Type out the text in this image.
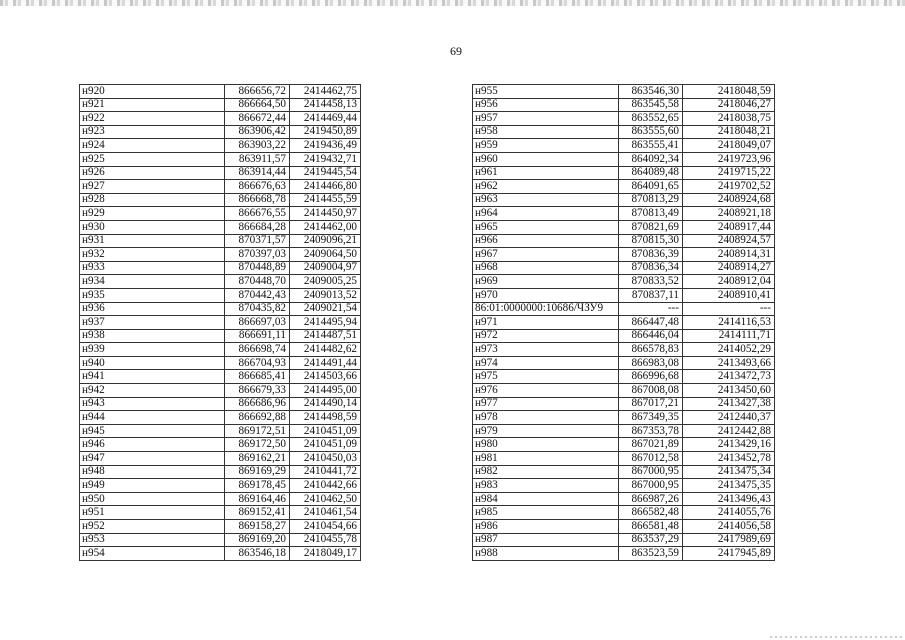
69
н920	866656,72	2414462,75
н921	866664,50	2414458,13
н922	866672,44	2414469,44
н923	863906,42	2419450,89
н924	863903,22	2419436,49
н925	863911,57	2419432,71
н926	863914,44	2419445,54
н927	866676,63	2414466,80
н928	866668,78	2414455,59
н929	866676,55	2414450,97
н930	866684,28	2414462,00
н931	870371,57	2409096,21
н932	870397,03	2409064,50
н933	870448,89	2409004,97
н934	870448,70	2409005,25
н935	870442,43	2409013,52
н936	870435,82	2409021,54
н937	866697,03	2414495,94
н938	866691,11	2414487,51
н939	866698,74	2414482,62
н940	866704,93	2414491,44
н941	866685,41	2414503,66
н942	866679,33	2414495,00
н943	866686,96	2414490,14
н944	866692,88	2414498,59
н945	869172,51	2410451,09
н946	869172,50	2410451,09
н947	869162,21	2410450,03
н948	869169,29	2410441,72
н949	869178,45	2410442,66
н950	869164,46	2410462,50
н951	869152,41	2410461,54
н952	869158,27	2410454,66
н953	869169,20	2410455,78
н954	863546,18	2418049,17
н955	863546,30	2418048,59
н956	863545,58	2418046,27
н957	863552,65	2418038,75
н958	863555,60	2418048,21
н959	863555,41	2418049,07
н960	864092,34	2419723,96
н961	864089,48	2419715,22
н962	864091,65	2419702,52
н963	870813,29	2408924,68
н964	870813,49	2408921,18
н965	870821,69	2408917,44
н966	870815,30	2408924,57
н967	870836,39	2408914,31
н968	870836,34	2408914,27
н969	870833,52	2408912,04
н970	870837,11	2408910,41
86:01:0000000:10686/ЧЗУ9	---	---
н971	866447,48	2414116,53
н972	866446,04	2414111,71
н973	866578,83	2414052,29
н974	866983,08	2413493,66
н975	866996,68	2413472,73
н976	867008,08	2413450,60
н977	867017,21	2413427,38
н978	867349,35	2412440,37
н979	867353,78	2412442,88
н980	867021,89	2413429,16
н981	867012,58	2413452,78
н982	867000,95	2413475,34
н983	867000,95	2413475,35
н984	866987,26	2413496,43
н985	866582,48	2414055,76
н986	866581,48	2414056,58
н987	863537,29	2417989,69
н988	863523,59	2417945,89
